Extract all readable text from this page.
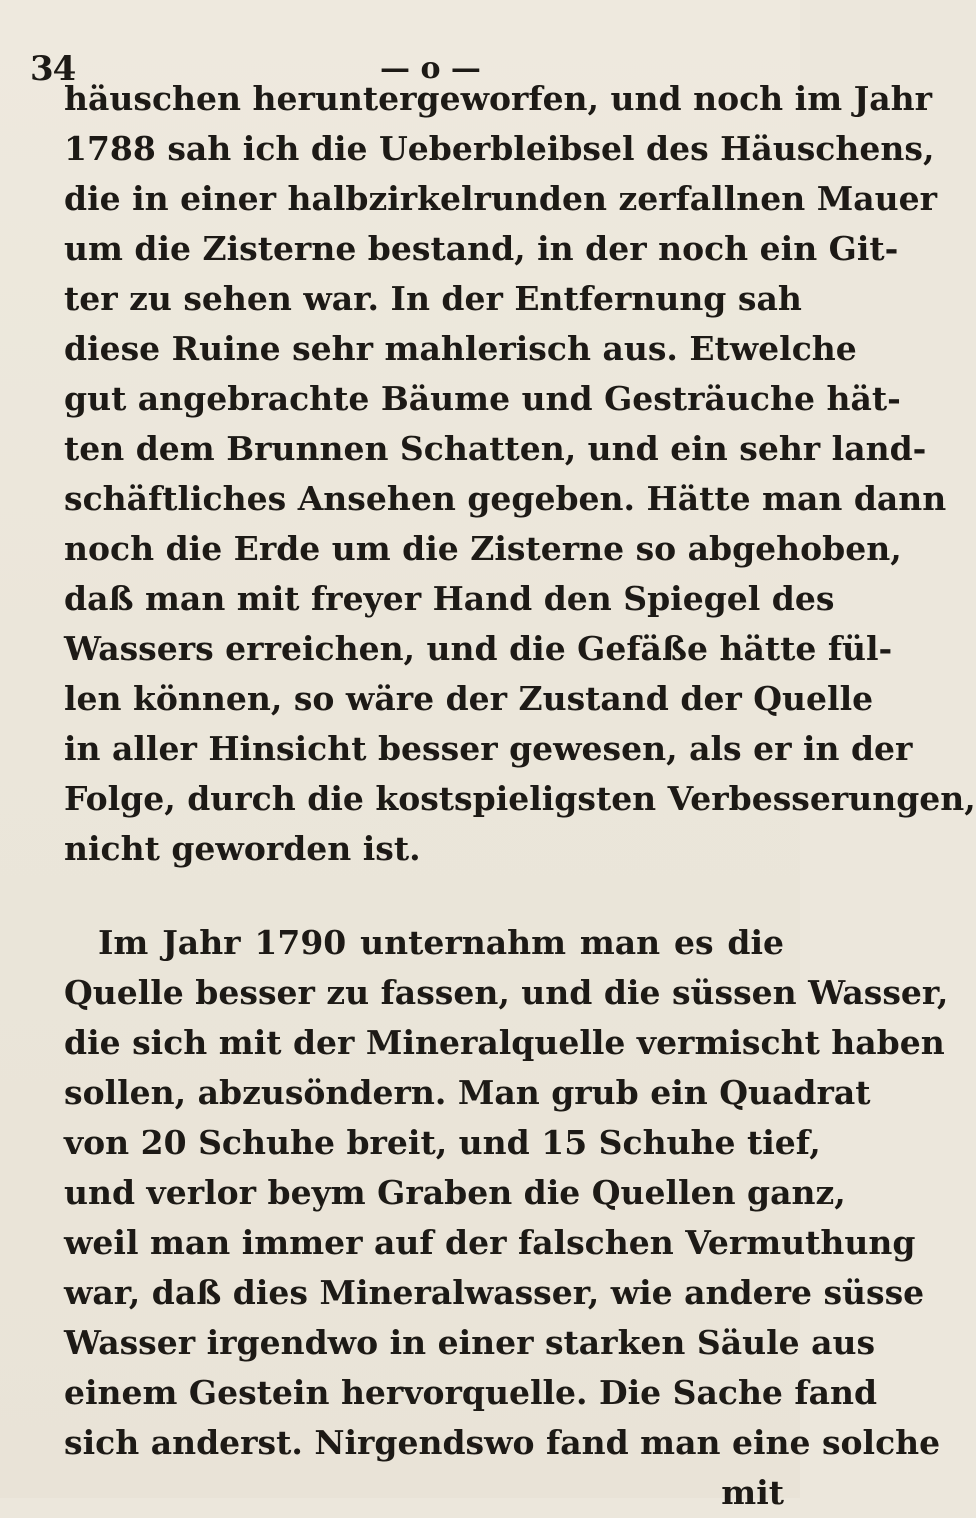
34	— o —
häuschen heruntergeworfen, und noch im Jahr
1788 sah ich die Ueberbleibsel des Häuschens,
die in einer halbzirkelrunden zerfallnen Mauer
um die Zisterne bestand, in der noch ein Git-
ter zu sehen war. In der Entfernung sah
diese Ruine sehr mahlerisch aus. Etwelche
gut angebrachte Bäume und Gesträuche hät-
ten dem Brunnen Schatten, und ein sehr land-
schäftliches Ansehen gegeben. Hätte man dann
noch die Erde um die Zisterne so abgehoben,
daß man mit freyer Hand den Spiegel des
Wassers erreichen, und die Gefäße hätte fül-
len können, so wäre der Zustand der Quelle
in aller Hinsicht besser gewesen, als er in der
Folge, durch die kostspieligsten Verbesserungen,
nicht geworden ist.
Im Jahr 1790 unternahm man es die
Quelle besser zu fassen, und die süssen Wasser,
die sich mit der Mineralquelle vermischt haben
sollen, abzusöndern. Man grub ein Quadrat
von 20 Schuhe breit, und 15 Schuhe tief,
und verlor beym Graben die Quellen ganz,
weil man immer auf der falschen Vermuthung
war, daß dies Mineralwasser, wie andere süsse
Wasser irgendwo in einer starken Säule aus
einem Gestein hervorquelle. Die Sache fand
sich anderst. Nirgendswo fand man eine solche
mit
